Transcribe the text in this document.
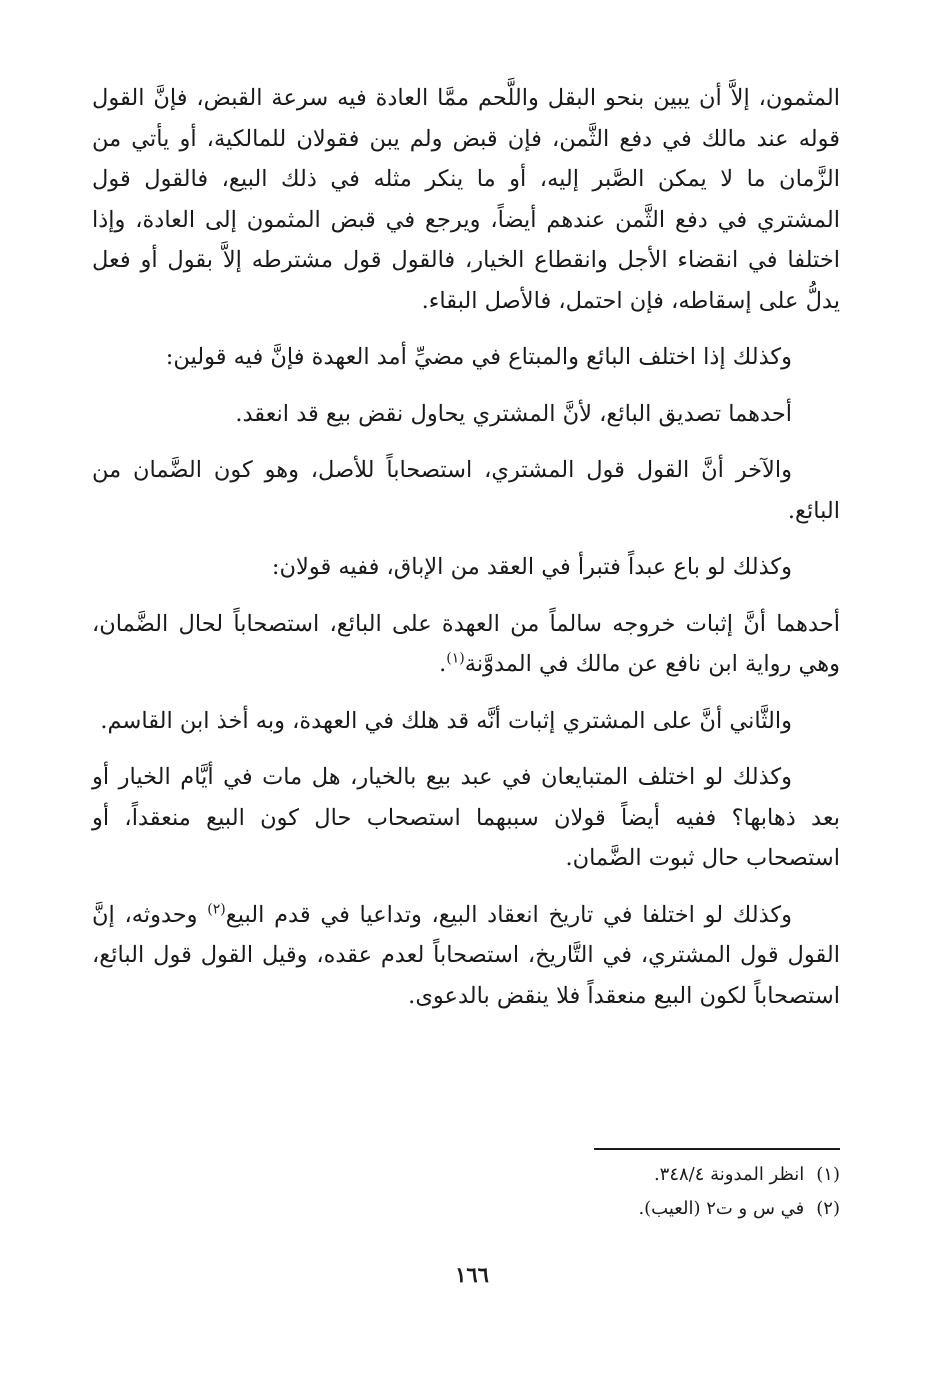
المثمون، إلاَّ أن يبين بنحو البقل واللَّحم ممَّا العادة فيه سرعة القبض، فإنَّ القول قوله عند مالك في دفع الثَّمن، فإن قبض ولم يبن فقولان للمالكية، أو يأتي من الزَّمان ما لا يمكن الصَّبر إليه، أو ما ينكر مثله في ذلك البيع، فالقول قول المشتري في دفع الثَّمن عندهم أيضاً، ويرجع في قبض المثمون إلى العادة، وإذا اختلفا في انقضاء الأجل وانقطاع الخيار، فالقول قول مشترطه إلاَّ بقول أو فعل يدلُّ على إسقاطه، فإن احتمل، فالأصل البقاء.

وكذلك إذا اختلف البائع والمبتاع في مضيِّ أمد العهدة فإنَّ فيه قولين:

أحدهما تصديق البائع، لأنَّ المشتري يحاول نقض بيع قد انعقد.

والآخر أنَّ القول قول المشتري، استصحاباً للأصل، وهو كون الضَّمان من البائع.

وكذلك لو باع عبداً فتبرأ في العقد من الإباق، ففيه قولان:

أحدهما أنَّ إثبات خروجه سالماً من العهدة على البائع، استصحاباً لحال الضَّمان، وهي رواية ابن نافع عن مالك في المدوَّنة$^{(١)}$.

والثَّاني أنَّ على المشتري إثبات أنَّه قد هلك في العهدة، وبه أخذ ابن القاسم.

وكذلك لو اختلف المتبايعان في عبد بيع بالخيار، هل مات في أيَّام الخيار أو بعد ذهابها؟ ففيه أيضاً قولان سببهما استصحاب حال كون البيع منعقداً، أو استصحاب حال ثبوت الضَّمان.

وكذلك لو اختلفا في تاريخ انعقاد البيع، وتداعيا في قدم البيع$^{(٢)}$ وحدوثه، إنَّ القول قول المشتري، في التَّاريخ، استصحاباً لعدم عقده، وقيل القول قول البائع، استصحاباً لكون البيع منعقداً فلا ينقض بالدعوى.

(١)انظر المدونة ٣٤٨/٤.

(٢)في س و ت٢ (العيب).

١٦٦
